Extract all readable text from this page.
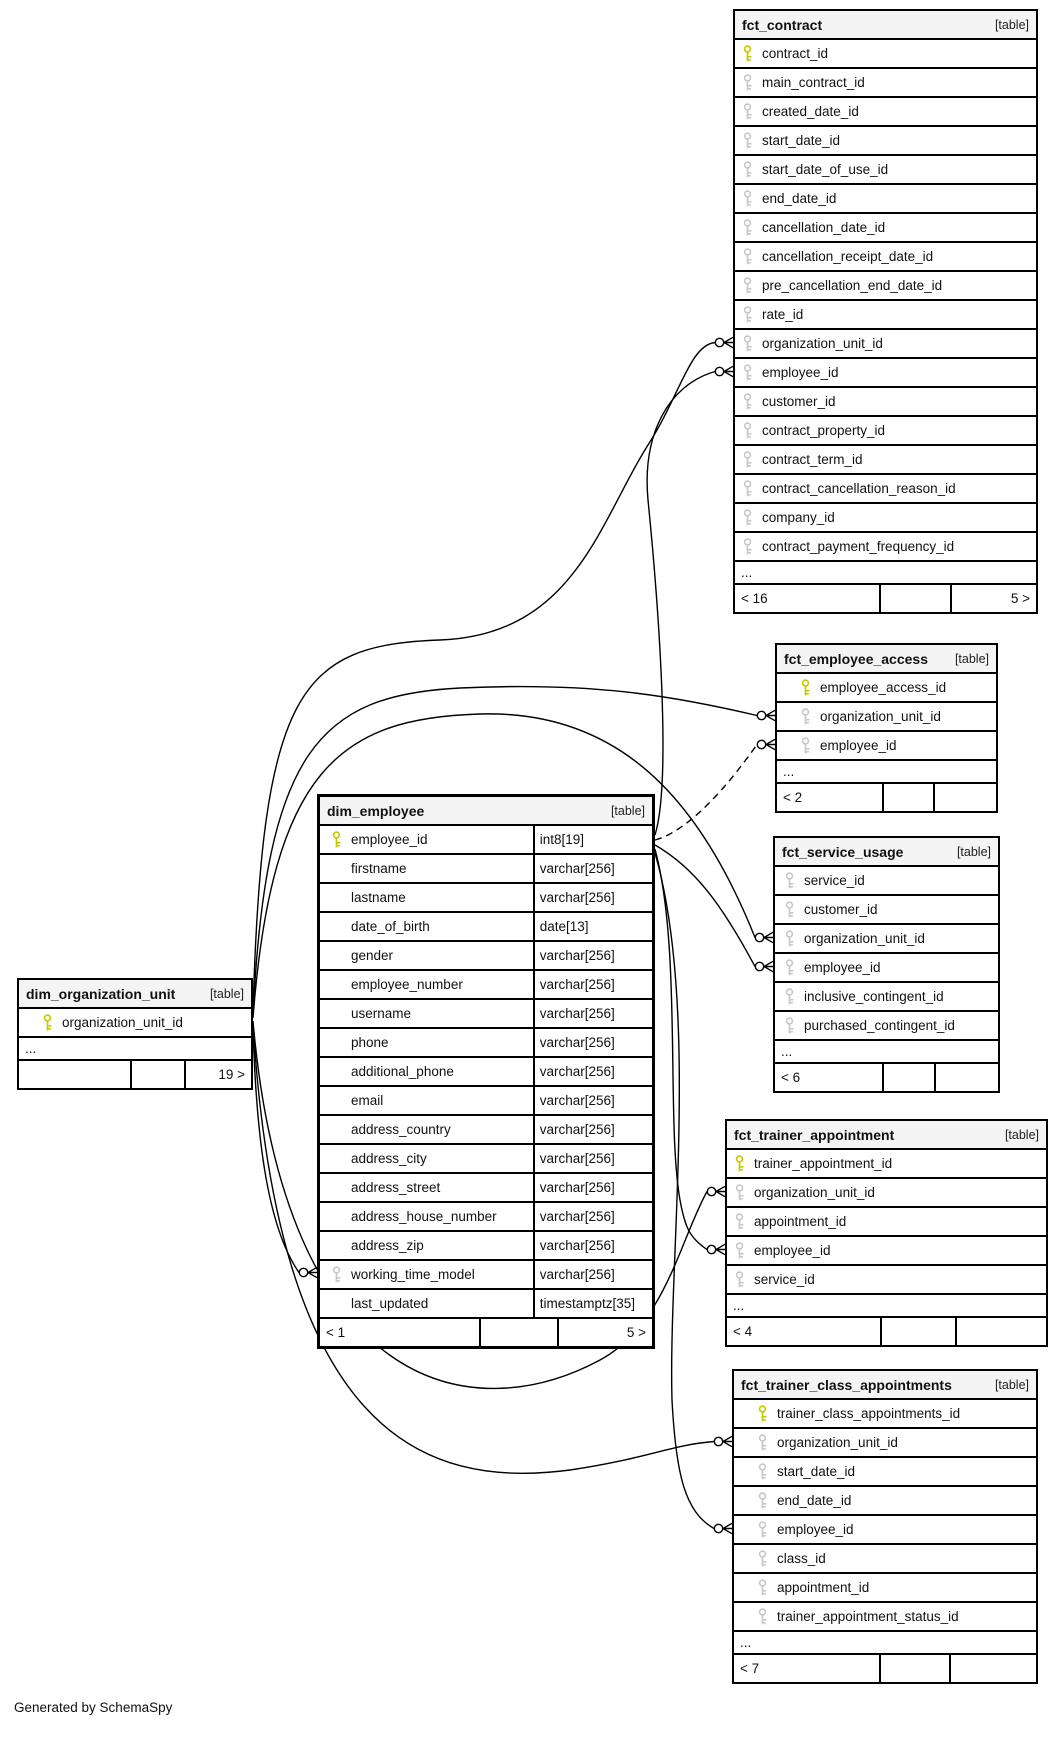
fct_contract	[table]
contract_id
main_contract_id
created_date_id
start_date_id
start_date_of_use_id
end_date_id
cancellation_date_id
cancellation_receipt_date_id
pre_cancellation_end_date_id
rate_id
organization_unit_id
employee_id
customer_id
contract_property_id
contract_term_id
contract_cancellation_reason_id
company_id
contract_payment_frequency_id
...
< 16	5 >
fct_employee_access [table]
employee_access_id
organization_unit_id
employee_id
...
< 2
fct_service_usage	[table]
service_id
customer_id
organization_unit_id
employee_id
inclusive_contingent_id
purchased_contingent_id
...
< 6
fct_trainer_appointment	[table]
trainer_appointment_id
organization_unit_id
appointment_id
employee_id
service_id
...
< 4
fct_trainer_class_appointments	[table]
trainer_class_appointments_id
organization_unit_id
start_date_id
end_date_id
employee_id
class_id
appointment_id
trainer_appointment_status_id
...
< 7
dim_employee	[table]
employee_id	int8[19]
firstname	varchar[256]
lastname	varchar[256]
date_of_birth	date[13]
gender	varchar[256]
employee_number	varchar[256]
username	varchar[256]
phone	varchar[256]
additional_phone	varchar[256]
email	varchar[256]
address_country	varchar[256]
address_city	varchar[256]
address_street	varchar[256]
address_house_number	varchar[256]
address_zip	varchar[256]
working_time_model	varchar[256]
last_updated	timestamptz[35]
< 1	5 >
dim_organization_unit	[table]
organization_unit_id
...
19 >
Generated by SchemaSpy
